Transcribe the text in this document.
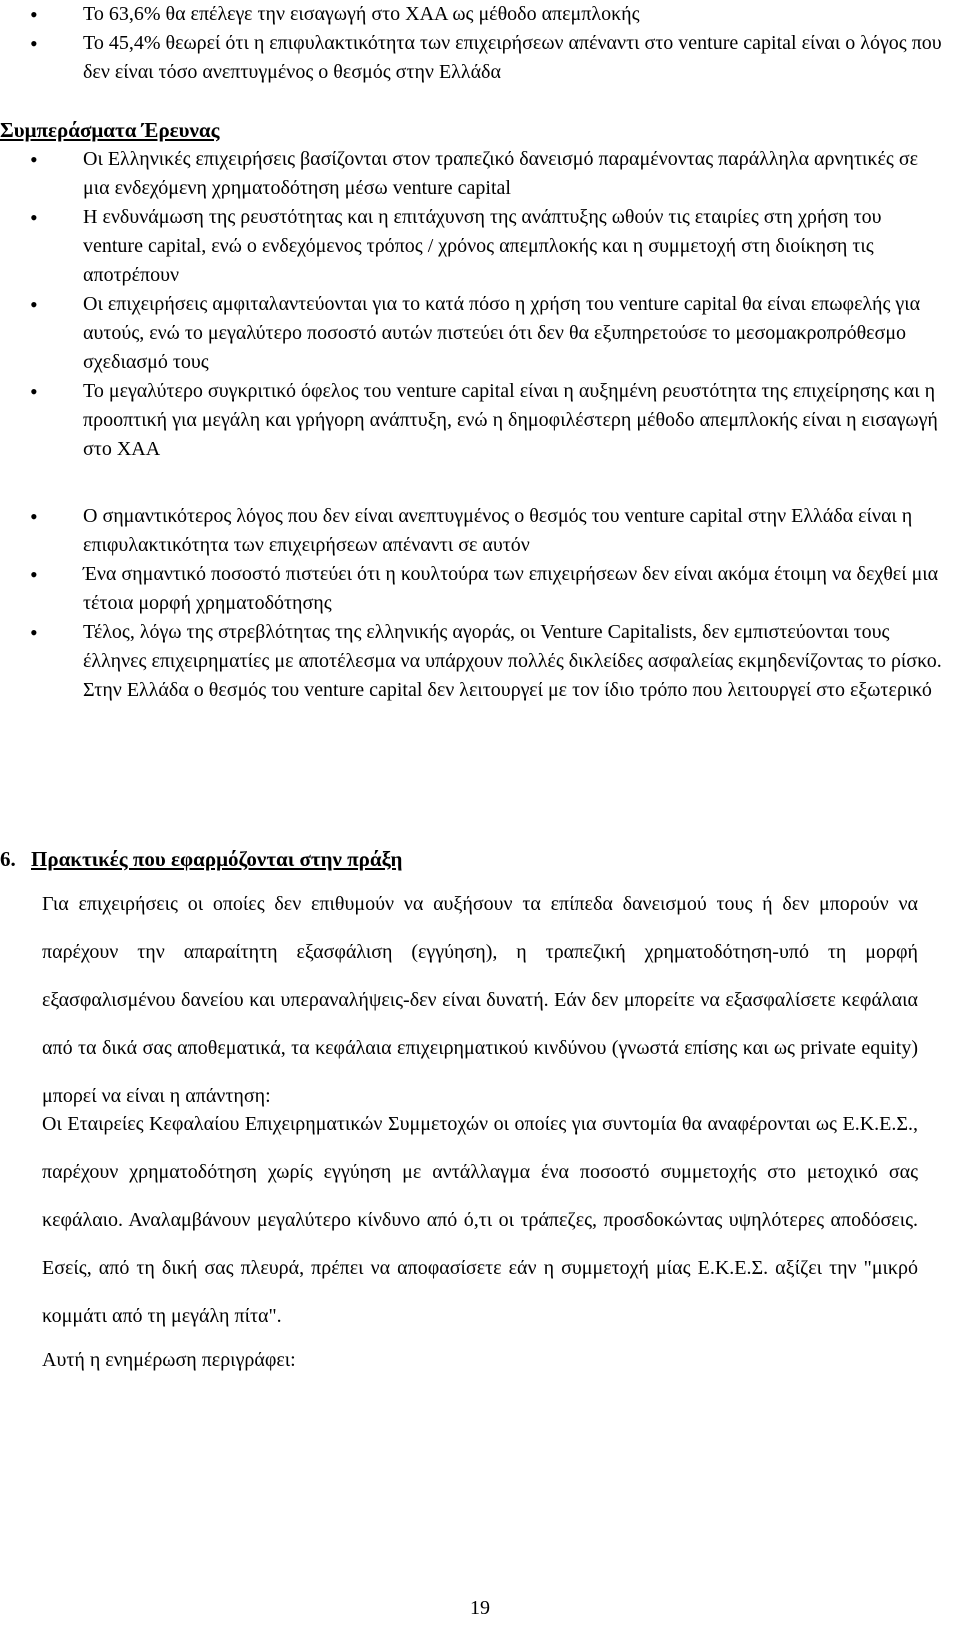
• Το 63,6% θα επέλεγε την εισαγωγή στο ΧΑΑ ως μέθοδο απεμπλοκής
• Το 45,4% θεωρεί ότι η επιφυλακτικότητα των επιχειρήσεων απέναντι στο venture capital είναι ο λόγος που δεν είναι τόσο ανεπτυγμένος ο θεσμός στην Ελλάδα
Συμπεράσματα Έρευνας
• Οι Ελληνικές επιχειρήσεις βασίζονται στον τραπεζικό δανεισμό παραμένοντας παράλληλα αρνητικές σε μια ενδεχόμενη χρηματοδότηση μέσω venture capital
• Η ενδυνάμωση της ρευστότητας και η επιτάχυνση της ανάπτυξης ωθούν τις εταιρίες στη χρήση του venture capital, ενώ ο ενδεχόμενος τρόπος / χρόνος απεμπλοκής και η συμμετοχή στη διοίκηση τις αποτρέπουν
• Οι επιχειρήσεις αμφιταλαντεύονται για το κατά πόσο η χρήση του venture capital θα είναι επωφελής για αυτούς, ενώ το μεγαλύτερο ποσοστό αυτών πιστεύει ότι δεν θα εξυπηρετούσε το μεσομακροπρόθεσμο σχεδιασμό τους
• Το μεγαλύτερο συγκριτικό όφελος του venture capital είναι η αυξημένη ρευστότητα της επιχείρησης και η προοπτική για μεγάλη και γρήγορη ανάπτυξη, ενώ η δημοφιλέστερη μέθοδο απεμπλοκής είναι η εισαγωγή στο ΧΑΑ
• Ο σημαντικότερος λόγος που δεν είναι ανεπτυγμένος ο θεσμός του venture capital στην Ελλάδα είναι η επιφυλακτικότητα των επιχειρήσεων απέναντι σε αυτόν
• Ένα σημαντικό ποσοστό πιστεύει ότι η κουλτούρα των επιχειρήσεων δεν είναι ακόμα έτοιμη να δεχθεί μια τέτοια μορφή χρηματοδότησης
• Τέλος, λόγω της στρεβλότητας της ελληνικής αγοράς, οι Venture Capitalists, δεν εμπιστεύονται τους έλληνες επιχειρηματίες με αποτέλεσμα να υπάρχουν πολλές δικλείδες ασφαλείας εκμηδενίζοντας το ρίσκο. Στην Ελλάδα ο θεσμός του venture capital δεν λειτουργεί με τον ίδιο τρόπο που λειτουργεί στο εξωτερικό
6. Πρακτικές που εφαρμόζονται στην πράξη

Για επιχειρήσεις οι οποίες δεν επιθυμούν να αυξήσουν τα επίπεδα δανεισμού τους ή δεν μπορούν να παρέχουν την απαραίτητη εξασφάλιση (εγγύηση), η τραπεζική χρηματοδότηση-υπό τη μορφή εξασφαλισμένου δανείου και υπεραναλήψεις-δεν είναι δυνατή. Εάν δεν μπορείτε να εξασφαλίσετε κεφάλαια από τα δικά σας αποθεματικά, τα κεφάλαια επιχειρηματικού κινδύνου (γνωστά επίσης και ως private equity) μπορεί να είναι η απάντηση:

Οι Εταιρείες Κεφαλαίου Επιχειρηματικών Συμμετοχών οι οποίες για συντομία θα αναφέρονται ως Ε.Κ.Ε.Σ., παρέχουν χρηματοδότηση χωρίς εγγύηση με αντάλλαγμα ένα ποσοστό συμμετοχής στο μετοχικό σας κεφάλαιο. Αναλαμβάνουν μεγαλύτερο κίνδυνο από ό,τι οι τράπεζες, προσδοκώντας υψηλότερες αποδόσεις. Εσείς, από τη δική σας πλευρά, πρέπει να αποφασίσετε εάν η συμμετοχή μίας Ε.Κ.Ε.Σ. αξίζει την "μικρό κομμάτι από τη μεγάλη πίτα".

Αυτή η ενημέρωση περιγράφει:

19
